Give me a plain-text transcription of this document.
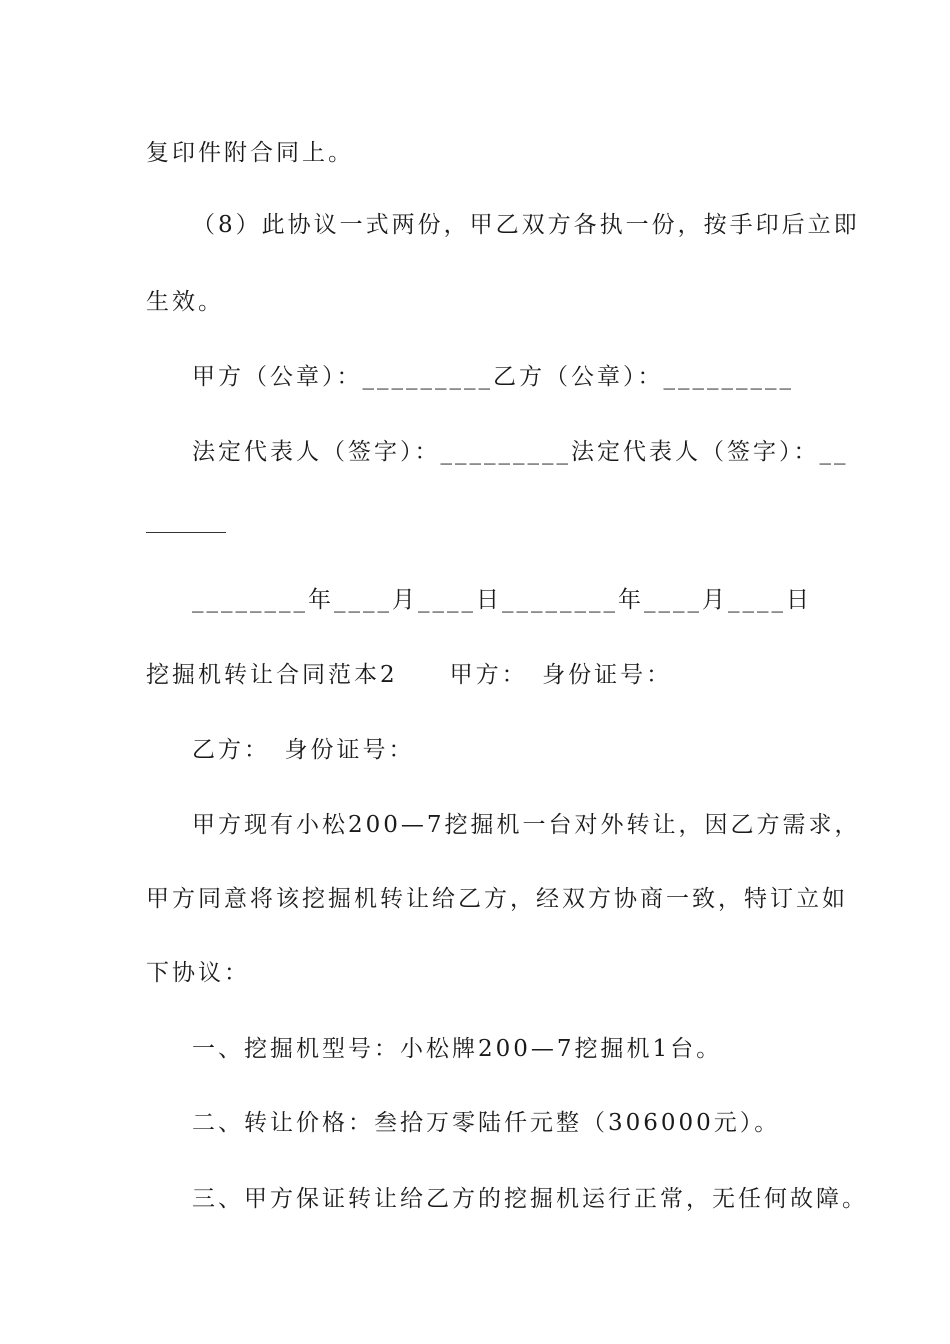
复印件附合同上。
（8）此协议一式两份，甲乙双方各执一份，按手印后立即
生效。
甲方（公章）：_________乙方（公章）：_________
法定代表人（签字）：_________法定代表人（签字）：__
________年____月____日________年____月____日
挖掘机转让合同范本2　　甲方：　身份证号：
乙方：　身份证号：
甲方现有小松200—7挖掘机一台对外转让，因乙方需求，
甲方同意将该挖掘机转让给乙方，经双方协商一致，特订立如
下协议：
一、挖掘机型号：小松牌200—7挖掘机1台。
二、转让价格：叁拾万零陆仟元整（306000元）。
三、甲方保证转让给乙方的挖掘机运行正常，无任何故障。
